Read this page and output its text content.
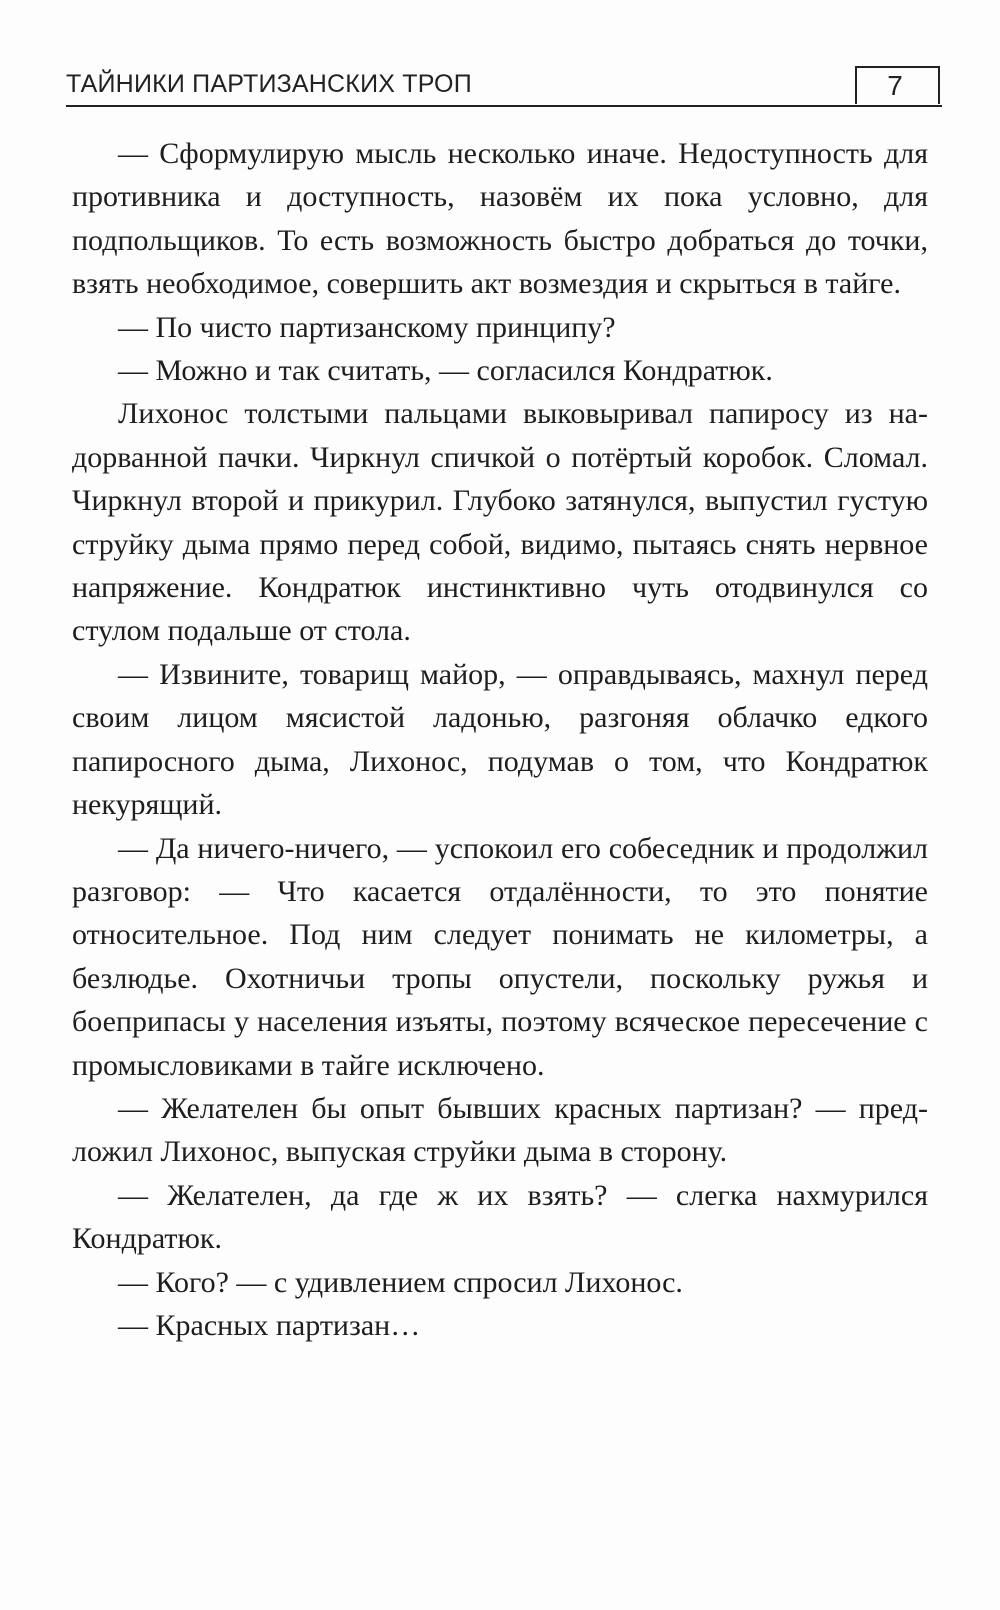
ТАЙНИКИ ПАРТИЗАНСКИХ ТРОП	7

— Сформулирую мысль несколько иначе. Недоступность для противника и доступность, назовём их пока условно, для подпольщиков. То есть возможность быстро добраться до точки, взять необходимое, совершить акт возмездия и скрыться в тайге.

— По чисто партизанскому принципу?

— Можно и так считать, — согласился Кондратюк.

Лихонос толстыми пальцами выковыривал папиросу из надорванной пачки. Чиркнул спичкой о потёртый коробок. Сломал. Чиркнул второй и прикурил. Глубоко затянулся, выпустил густую струйку дыма прямо перед собой, видимо, пытаясь снять нервное напряжение. Кондратюк инстинктивно чуть отодвинулся со стулом подальше от стола.

— Извините, товарищ майор, — оправдываясь, махнул перед своим лицом мясистой ладонью, разгоняя облачко едкого папиросного дыма, Лихонос, подумав о том, что Кондратюк некурящий.

— Да ничего-ничего, — успокоил его собеседник и продолжил разговор: — Что касается отдалённости, то это понятие относительное. Под ним следует понимать не километры, а безлюдье. Охотничьи тропы опустели, поскольку ружья и боеприпасы у населения изъяты, поэтому всяческое пересечение с промысловиками в тайге исключено.

— Желателен бы опыт бывших красных партизан? — предложил Лихонос, выпуская струйки дыма в сторону.

— Желателен, да где ж их взять? — слегка нахмурился Кондратюк.

— Кого? — с удивлением спросил Лихонос.

— Красных партизан…
